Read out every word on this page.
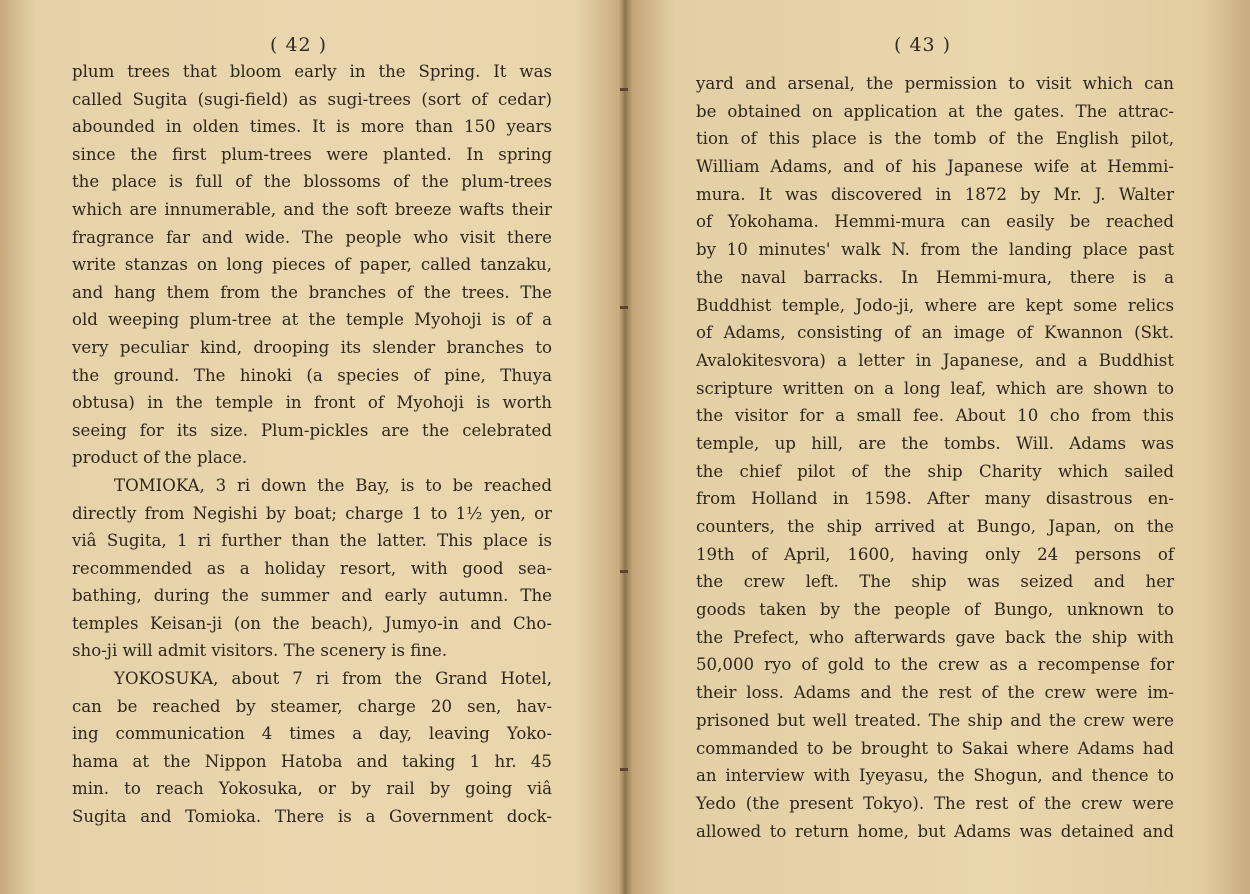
( 42 )
plum trees that bloom early in the Spring. It was
called Sugita (sugi-field) as sugi-trees (sort of cedar)
abounded in olden times. It is more than 150 years
since the first plum-trees were planted. In spring
the place is full of the blossoms of the plum-trees
which are innumerable, and the soft breeze wafts their
fragrance far and wide. The people who visit there
write stanzas on long pieces of paper, called tanzaku,
and hang them from the branches of the trees. The
old weeping plum-tree at the temple Myohoji is of a
very peculiar kind, drooping its slender branches to
the ground. The hinoki (a species of pine, Thuya
obtusa) in the temple in front of Myohoji is worth
seeing for its size. Plum-pickles are the celebrated
product of the place.
TOMIOKA, 3 ri down the Bay, is to be reached
directly from Negishi by boat; charge 1 to 1½ yen, or
viâ Sugita, 1 ri further than the latter. This place is
recommended as a holiday resort, with good sea-
bathing, during the summer and early autumn. The
temples Keisan-ji (on the beach), Jumyo-in and Cho-
sho-ji will admit visitors. The scenery is fine.
YOKOSUKA, about 7 ri from the Grand Hotel,
can be reached by steamer, charge 20 sen, hav-
ing communication 4 times a day, leaving Yoko-
hama at the Nippon Hatoba and taking 1 hr. 45
min. to reach Yokosuka, or by rail by going viâ
Sugita and Tomioka. There is a Government dock-
( 43 )
yard and arsenal, the permission to visit which can
be obtained on application at the gates. The attrac-
tion of this place is the tomb of the English pilot,
William Adams, and of his Japanese wife at Hemmi-
mura. It was discovered in 1872 by Mr. J. Walter
of Yokohama. Hemmi-mura can easily be reached
by 10 minutes' walk N. from the landing place past
the naval barracks. In Hemmi-mura, there is a
Buddhist temple, Jodo-ji, where are kept some relics
of Adams, consisting of an image of Kwannon (Skt.
Avalokitesvora) a letter in Japanese, and a Buddhist
scripture written on a long leaf, which are shown to
the visitor for a small fee. About 10 cho from this
temple, up hill, are the tombs. Will. Adams was
the chief pilot of the ship Charity which sailed
from Holland in 1598. After many disastrous en-
counters, the ship arrived at Bungo, Japan, on the
19th of April, 1600, having only 24 persons of
the crew left. The ship was seized and her
goods taken by the people of Bungo, unknown to
the Prefect, who afterwards gave back the ship with
50,000 ryo of gold to the crew as a recompense for
their loss. Adams and the rest of the crew were im-
prisoned but well treated. The ship and the crew were
commanded to be brought to Sakai where Adams had
an interview with Iyeyasu, the Shogun, and thence to
Yedo (the present Tokyo). The rest of the crew were
allowed to return home, but Adams was detained and
